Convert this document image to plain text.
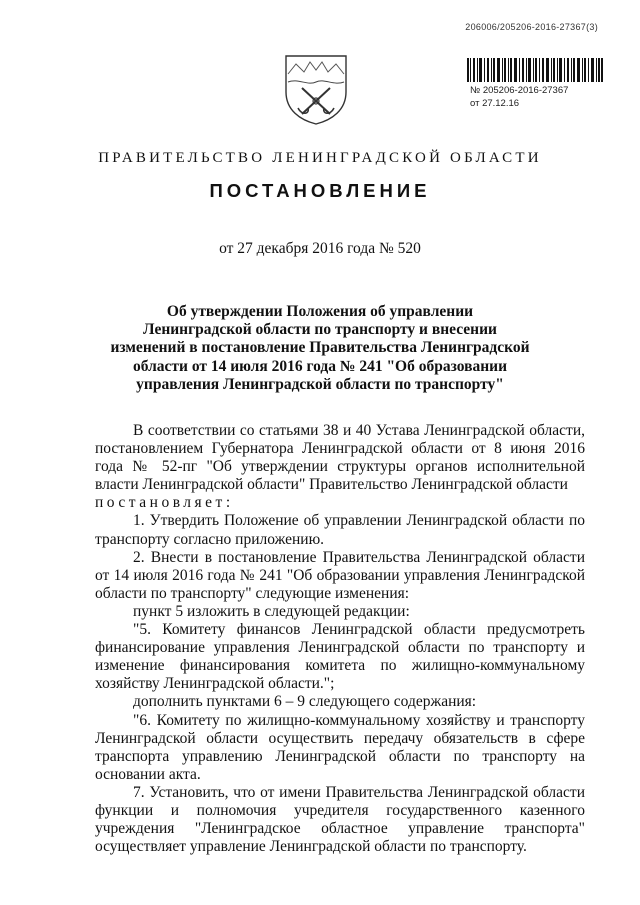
206006/205206-2016-27367(3)
№ 205206-2016-27367
от 27.12.16
ПРАВИТЕЛЬСТВО ЛЕНИНГРАДСКОЙ ОБЛАСТИ
ПОСТАНОВЛЕНИЕ
от 27 декабря 2016 года № 520
Об утверждении Положения об управлении
Ленинградской области по транспорту и внесении
изменений в постановление Правительства Ленинградской
области от 14 июля 2016 года № 241 "Об образовании
управления Ленинградской области по транспорту"

В соответствии со статьями 38 и 40 Устава Ленинградской области, постановлением Губернатора Ленинградской области от 8 июня 2016 года № 52-пг "Об утверждении структуры органов исполнительной власти Ленинградской области" Правительство Ленинградской области

постановляет:

1. Утвердить Положение об управлении Ленинградской области по транспорту согласно приложению.

2. Внести в постановление Правительства Ленинградской области от 14 июля 2016 года № 241 "Об образовании управления Ленинградской области по транспорту" следующие изменения:

пункт 5 изложить в следующей редакции:

"5. Комитету финансов Ленинградской области предусмотреть финансирование управления Ленинградской области по транспорту и изменение финансирования комитета по жилищно-коммунальному хозяйству Ленинградской области.";

дополнить пунктами 6 – 9 следующего содержания:

"6. Комитету по жилищно-коммунальному хозяйству и транспорту Ленинградской области осуществить передачу обязательств в сфере транспорта управлению Ленинградской области по транспорту на основании акта.

7. Установить, что от имени Правительства Ленинградской области функции и полномочия учредителя государственного казенного учреждения "Ленинградское областное управление транспорта" осуществляет управление Ленинградской области по транспорту.
